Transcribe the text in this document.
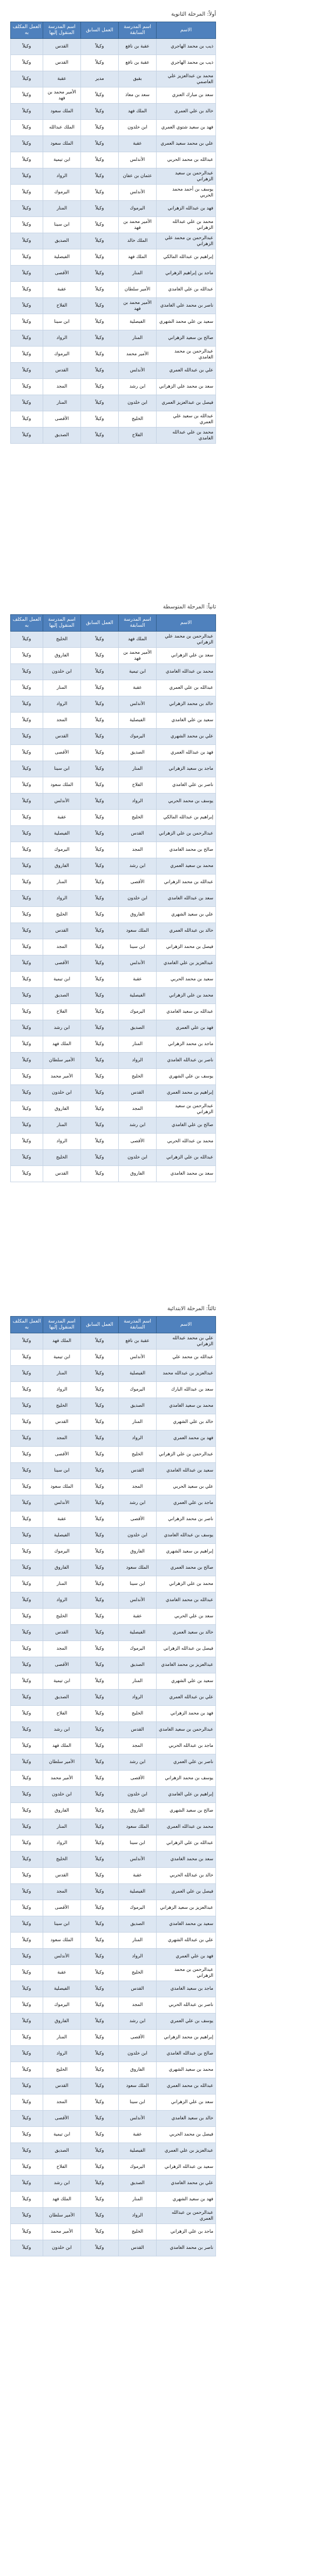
أولاً: المرحلة الثانوية
الاسم	اسم المدرسة السابقة	العمل السابق	اسم المدرسة المنقول إليها	العمل المكلف به
ذيب بن محمد الهاجري	عقبة بن نافع	وكيلاً	القدس	وكيلاً
ذيب بن محمد الهاجري	عقبة بن نافع	وكيلاً	القدس	وكيلاً
محمد بن عبدالعزيز علي العاصمي	بقيق	مدير	عقبة	وكيلاً
سعد بن مبارك العنزي	سعد بن معاذ	وكيلاً	الأمير محمد بن فهد	وكيلاً
خالد بن علي العمري	الملك فهد	وكيلاً	الملك سعود	وكيلاً
فهد بن سعيد شتوي العمري	ابن خلدون	وكيلاً	الملك عبدالله	وكيلاً
علي بن محمد سعيد العمري	عقبة	وكيلاً	الملك سعود	وكيلاً
عبدالله بن محمد الحربي	الأندلس	وكيلاً	ابن تيمية	وكيلاً
عبدالرحمن بن سعيد الزهراني	عثمان بن عفان	وكيلاً	الرواد	وكيلاً
يوسف بن أحمد محمد الحربي	الأندلس	وكيلاً	اليرموك	وكيلاً
فهد بن عبدالله الزهراني	اليرموك	وكيلاً	المنار	وكيلاً
محمد بن علي عبدالله الزهراني	الأمير محمد بن فهد	وكيلاً	ابن سينا	وكيلاً
عبدالرحمن بن محمد علي الزهراني	الملك خالد	وكيلاً	الصديق	وكيلاً
إبراهيم بن عبدالله المالكي	الملك فهد	وكيلاً	الفيصلية	وكيلاً
ماجد بن إبراهيم الزهراني	المنار	وكيلاً	الأقصى	وكيلاً
عبدالله بن علي الغامدي	الأمير سلطان	وكيلاً	عقبة	وكيلاً
ناصر بن محمد علي الغامدي	الأمير محمد بن فهد	وكيلاً	الفلاح	وكيلاً
سعيد بن علي محمد الشهري	الفيصلية	وكيلاً	ابن سينا	وكيلاً
صالح بن سعيد الزهراني	المنار	وكيلاً	الرواد	وكيلاً
عبدالرحمن بن محمد الغامدي	الأمير محمد	وكيلاً	اليرموك	وكيلاً
علي بن عبدالله العمري	الأندلس	وكيلاً	القدس	وكيلاً
سعد بن محمد علي الزهراني	ابن رشد	وكيلاً	المجد	وكيلاً
فيصل بن عبدالعزيز العمري	ابن خلدون	وكيلاً	المنار	وكيلاً
عبدالله بن سعيد علي العمري	الخليج	وكيلاً	الأقصى	وكيلاً
محمد بن علي عبدالله الغامدي	الفلاح	وكيلاً	الصديق	وكيلاً
ثانياً: المرحلة المتوسطة
الاسم	اسم المدرسة السابقة	العمل السابق	اسم المدرسة المنقول إليها	العمل المكلف به
عبدالرحمن بن محمد علي الزهراني	الملك فهد	وكيلاً	الخليج	وكيلاً
سعد بن علي الزهراني	الأمير محمد بن فهد	وكيلاً	الفاروق	وكيلاً
محمد بن عبدالله الغامدي	ابن تيمية	وكيلاً	ابن خلدون	وكيلاً
عبدالله بن علي العمري	عقبة	وكيلاً	المنار	وكيلاً
خالد بن محمد الزهراني	الأندلس	وكيلاً	الرواد	وكيلاً
سعيد بن علي الغامدي	الفيصلية	وكيلاً	المجد	وكيلاً
علي بن محمد الشهري	اليرموك	وكيلاً	القدس	وكيلاً
فهد بن عبدالله العمري	الصديق	وكيلاً	الأقصى	وكيلاً
ماجد بن سعيد الزهراني	المنار	وكيلاً	ابن سينا	وكيلاً
ناصر بن علي الغامدي	الفلاح	وكيلاً	الملك سعود	وكيلاً
يوسف بن محمد الحربي	الرواد	وكيلاً	الأندلس	وكيلاً
إبراهيم بن عبدالله المالكي	الخليج	وكيلاً	عقبة	وكيلاً
عبدالرحمن بن علي الزهراني	القدس	وكيلاً	الفيصلية	وكيلاً
صالح بن محمد الغامدي	المجد	وكيلاً	اليرموك	وكيلاً
محمد بن سعيد العمري	ابن رشد	وكيلاً	الفاروق	وكيلاً
عبدالله بن محمد الزهراني	الأقصى	وكيلاً	المنار	وكيلاً
سعد بن عبدالله الغامدي	ابن خلدون	وكيلاً	الرواد	وكيلاً
علي بن سعيد الشهري	الفاروق	وكيلاً	الخليج	وكيلاً
خالد بن عبدالله العمري	الملك سعود	وكيلاً	القدس	وكيلاً
فيصل بن محمد الزهراني	ابن سينا	وكيلاً	المجد	وكيلاً
عبدالعزيز بن علي الغامدي	الأندلس	وكيلاً	الأقصى	وكيلاً
سعيد بن محمد الحربي	عقبة	وكيلاً	ابن تيمية	وكيلاً
محمد بن علي الزهراني	الفيصلية	وكيلاً	الصديق	وكيلاً
عبدالله بن سعيد الغامدي	اليرموك	وكيلاً	الفلاح	وكيلاً
فهد بن علي العمري	الصديق	وكيلاً	ابن رشد	وكيلاً
ماجد بن محمد الزهراني	المنار	وكيلاً	الملك فهد	وكيلاً
ناصر بن عبدالله الغامدي	الرواد	وكيلاً	الأمير سلطان	وكيلاً
يوسف بن علي الشهري	الخليج	وكيلاً	الأمير محمد	وكيلاً
إبراهيم بن محمد العمري	القدس	وكيلاً	ابن خلدون	وكيلاً
عبدالرحمن بن سعيد الزهراني	المجد	وكيلاً	الفاروق	وكيلاً
صالح بن علي الغامدي	ابن رشد	وكيلاً	المنار	وكيلاً
محمد بن عبدالله الحربي	الأقصى	وكيلاً	الرواد	وكيلاً
عبدالله بن علي الزهراني	ابن خلدون	وكيلاً	الخليج	وكيلاً
سعد بن محمد الغامدي	الفاروق	وكيلاً	القدس	وكيلاً
ثالثاً: المرحلة الابتدائية
الاسم	اسم المدرسة السابقة	العمل السابق	اسم المدرسة المنقول إليها	العمل المكلف به
علي بن محمد عبدالله الزهراني	عقبة بن نافع	وكيلاً	الملك فهد	وكيلاً
عبدالله بن محمد علي	الأندلس	وكيلاً	ابن تيمية	وكيلاً
عبدالعزيز بن عبدالله محمد	الفيصلية	وكيلاً	المنار	وكيلاً
سعد بن عبدالله البارك	اليرموك	وكيلاً	الرواد	وكيلاً
محمد بن سعيد الغامدي	الصديق	وكيلاً	الخليج	وكيلاً
خالد بن علي الشهري	المنار	وكيلاً	القدس	وكيلاً
فهد بن محمد العمري	الرواد	وكيلاً	المجد	وكيلاً
عبدالرحمن بن علي الزهراني	الخليج	وكيلاً	الأقصى	وكيلاً
سعيد بن عبدالله الغامدي	القدس	وكيلاً	ابن سينا	وكيلاً
علي بن سعيد الحربي	المجد	وكيلاً	الملك سعود	وكيلاً
ماجد بن علي العمري	ابن رشد	وكيلاً	الأندلس	وكيلاً
ناصر بن محمد الزهراني	الأقصى	وكيلاً	عقبة	وكيلاً
يوسف بن عبدالله الغامدي	ابن خلدون	وكيلاً	الفيصلية	وكيلاً
إبراهيم بن سعيد الشهري	الفاروق	وكيلاً	اليرموك	وكيلاً
صالح بن محمد العمري	الملك سعود	وكيلاً	الفاروق	وكيلاً
محمد بن علي الزهراني	ابن سينا	وكيلاً	المنار	وكيلاً
عبدالله بن محمد الغامدي	الأندلس	وكيلاً	الرواد	وكيلاً
سعد بن علي الحربي	عقبة	وكيلاً	الخليج	وكيلاً
خالد بن سعيد العمري	الفيصلية	وكيلاً	القدس	وكيلاً
فيصل بن عبدالله الزهراني	اليرموك	وكيلاً	المجد	وكيلاً
عبدالعزيز بن محمد الغامدي	الصديق	وكيلاً	الأقصى	وكيلاً
سعيد بن علي الشهري	المنار	وكيلاً	ابن تيمية	وكيلاً
علي بن عبدالله العمري	الرواد	وكيلاً	الصديق	وكيلاً
فهد بن محمد الزهراني	الخليج	وكيلاً	الفلاح	وكيلاً
عبدالرحمن بن سعيد الغامدي	القدس	وكيلاً	ابن رشد	وكيلاً
ماجد بن عبدالله الحربي	المجد	وكيلاً	الملك فهد	وكيلاً
ناصر بن علي العمري	ابن رشد	وكيلاً	الأمير سلطان	وكيلاً
يوسف بن محمد الزهراني	الأقصى	وكيلاً	الأمير محمد	وكيلاً
إبراهيم بن علي الغامدي	ابن خلدون	وكيلاً	ابن خلدون	وكيلاً
صالح بن سعيد الشهري	الفاروق	وكيلاً	الفاروق	وكيلاً
محمد بن عبدالله العمري	الملك سعود	وكيلاً	المنار	وكيلاً
عبدالله بن علي الزهراني	ابن سينا	وكيلاً	الرواد	وكيلاً
سعد بن محمد الغامدي	الأندلس	وكيلاً	الخليج	وكيلاً
خالد بن عبدالله الحربي	عقبة	وكيلاً	القدس	وكيلاً
فيصل بن علي العمري	الفيصلية	وكيلاً	المجد	وكيلاً
عبدالعزيز بن سعيد الزهراني	اليرموك	وكيلاً	الأقصى	وكيلاً
سعيد بن محمد الغامدي	الصديق	وكيلاً	ابن سينا	وكيلاً
علي بن عبدالله الشهري	المنار	وكيلاً	الملك سعود	وكيلاً
فهد بن علي العمري	الرواد	وكيلاً	الأندلس	وكيلاً
عبدالرحمن بن محمد الزهراني	الخليج	وكيلاً	عقبة	وكيلاً
ماجد بن سعيد الغامدي	القدس	وكيلاً	الفيصلية	وكيلاً
ناصر بن عبدالله الحربي	المجد	وكيلاً	اليرموك	وكيلاً
يوسف بن علي العمري	ابن رشد	وكيلاً	الفاروق	وكيلاً
إبراهيم بن محمد الزهراني	الأقصى	وكيلاً	المنار	وكيلاً
صالح بن عبدالله الغامدي	ابن خلدون	وكيلاً	الرواد	وكيلاً
محمد بن سعيد الشهري	الفاروق	وكيلاً	الخليج	وكيلاً
عبدالله بن محمد العمري	الملك سعود	وكيلاً	القدس	وكيلاً
سعد بن علي الزهراني	ابن سينا	وكيلاً	المجد	وكيلاً
خالد بن سعيد الغامدي	الأندلس	وكيلاً	الأقصى	وكيلاً
فيصل بن محمد الحربي	عقبة	وكيلاً	ابن تيمية	وكيلاً
عبدالعزيز بن علي العمري	الفيصلية	وكيلاً	الصديق	وكيلاً
سعيد بن عبدالله الزهراني	اليرموك	وكيلاً	الفلاح	وكيلاً
علي بن محمد الغامدي	الصديق	وكيلاً	ابن رشد	وكيلاً
فهد بن سعيد الشهري	المنار	وكيلاً	الملك فهد	وكيلاً
عبدالرحمن بن عبدالله العمري	الرواد	وكيلاً	الأمير سلطان	وكيلاً
ماجد بن علي الزهراني	الخليج	وكيلاً	الأمير محمد	وكيلاً
ناصر بن محمد الغامدي	القدس	وكيلاً	ابن خلدون	وكيلاً
